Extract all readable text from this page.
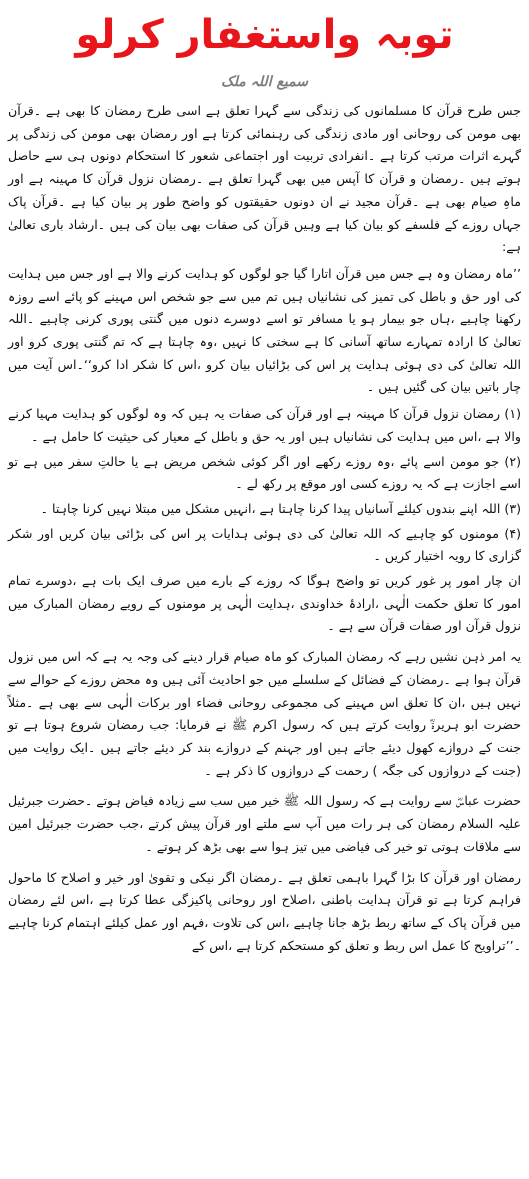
توبہ واستغفار کرلو
سمیع اللہ ملک

جس طرح قرآن کا مسلمانوں کی زندگی سے گہرا تعلق ہے اسی طرح رمضان کا بھی ہے ۔قرآن بھی مومن کی روحانی اور مادی زندگی کی رہنمائی کرتا ہے اور رمضان بھی مومن کی زندگی پر گہرے اثرات مرتب کرتا ہے ۔انفرادی تربیت اور اجتماعی شعور کا استحکام دونوں ہی سے حاصل ہوتے ہیں ۔رمضان و قرآن کا آپس میں بھی گہرا تعلق ہے ۔رمضان نزول قرآن کا مہینہ ہے اور ماہِ صیام بھی ہے ۔قرآن مجید نے ان دونوں حقیقتوں کو واضح طور پر بیان کیا ہے ۔قرآن پاک جہاں روزے کے فلسفے کو بیان کیا ہے وہیں قرآن کی صفات بھی بیان کی ہیں ۔ارشاد باری تعالیٰ ہے:

’’ماہ رمضان وہ ہے جس میں قرآن اتارا گیا جو لوگوں کو ہدایت کرنے والا ہے اور جس میں ہدایت کی اور حق و باطل کی تمیز کی نشانیاں ہیں تم میں سے جو شخص اس مہینے کو پائے اسے روزہ رکھنا چاہیے ،ہاں جو بیمار ہو یا مسافر تو اسے دوسرے دنوں میں گنتی پوری کرنی چاہیے ۔اللہ تعالیٰ کا ارادہ تمہارے ساتھ آسانی کا ہے سختی کا نہیں ،وہ چاہتا ہے کہ تم گنتی پوری کرو اور اللہ تعالیٰ کی دی ہوئی ہدایت پر اس کی بڑائیاں بیان کرو ،اس کا شکر ادا کرو‘‘۔اس آیت میں چار باتیں بیان کی گئیں ہیں ۔

(۱) رمضان نزول قرآن کا مہینہ ہے اور قرآن کی صفات یہ ہیں کہ وہ لوگوں کو ہدایت مہیا کرنے والا ہے ،اس میں ہدایت کی نشانیاں ہیں اور یہ حق و باطل کے معیار کی حیثیت کا حامل ہے ۔

(۲) جو مومن اسے پائے ،وہ روزے رکھے اور اگر کوئی شخص مریض ہے یا حالتِ سفر میں ہے تو اسے اجازت ہے کہ یہ روزے کسی اور موقع پر رکھ لے ۔

(۳) اللہ اپنے بندوں کیلئے آسانیاں پیدا کرنا چاہتا ہے ،انہیں مشکل میں مبتلا نہیں کرنا چاہتا ۔

(۴) مومنوں کو چاہیے کہ اللہ تعالیٰ کی دی ہوئی ہدایات پر اس کی بڑائی بیان کریں اور شکر گزاری کا رویہ اختیار کریں ۔

ان چار امور پر غور کریں تو واضح ہوگا کہ روزے کے بارے میں صرف ایک بات ہے ،دوسرے تمام امور کا تعلق حکمت الٰہی ،ارادۂ خداوندی ،ہدایت الٰہی پر مومنوں کے رویے رمضان المبارک میں نزول قرآن اور صفات قرآن سے ہے ۔

یہ امر ذہن نشیں رہے کہ رمضان المبارک کو ماہ صیام قرار دینے کی وجہ یہ ہے کہ اس میں نزول قرآن ہوا ہے ۔رمضان کے فضائل کے سلسلے میں جو احادیث آئی ہیں وہ محض روزے کے حوالے سے نہیں ہیں ،ان کا تعلق اس مہینے کی مجموعی روحانی فضاء اور برکات الٰہی سے بھی ہے ۔مثلاً حضرت ابو ہریرۃؓ روایت کرتے ہیں کہ رسول اکرم ﷺ نے فرمایا: جب رمضان شروع ہوتا ہے تو جنت کے دروازے کھول دیئے جاتے ہیں اور جہنم کے دروازے بند کر دیئے جاتے ہیں ۔ایک روایت میں (جنت کے دروازوں کی جگہ ) رحمت کے دروازوں کا ذکر ہے ۔

حضرت عباسؓ سے روایت ہے کہ رسول اللہ ﷺ خیر میں سب سے زیادہ فیاض ہوتے ۔حضرت جبرئیل علیہ السلام رمضان کی ہر رات میں آپ سے ملتے اور قرآن پیش کرتے ،جب حضرت جبرئیل امین سے ملاقات ہوتی تو خیر کی فیاضی میں تیز ہوا سے بھی بڑھ کر ہوتے ۔

رمضان اور قرآن کا بڑا گہرا باہمی تعلق ہے ۔رمضان اگر نیکی و تقویٰ اور خیر و اصلاح کا ماحول فراہم کرتا ہے تو قرآن ہدایت باطنی ،اصلاح اور روحانی پاکیزگی عطا کرتا ہے ،اس لئے رمضان میں قرآن پاک کے ساتھ ربط بڑھ جانا چاہیے ،اس کی تلاوت ،فہم اور عمل کیلئے اہتمام کرنا چاہیے ۔’’تراویح کا عمل اس ربط و تعلق کو مستحکم کرتا ہے ،اس کے
